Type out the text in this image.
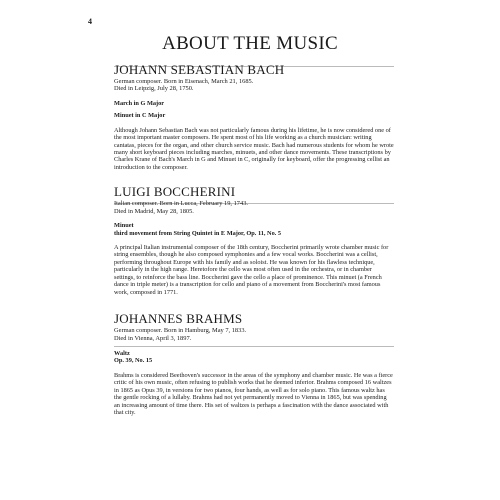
4
ABOUT THE MUSIC
JOHANN SEBASTIAN BACH

German composer. Born in Eisenach, March 21, 1685.

Died in Leipzig, July 28, 1750.

March in G Major

Minuet in C Major

Although Johann Sebastian Bach was not particularly famous during his lifetime, he is now considered one of the most important master composers. He spent most of his life working as a church musician: writing cantatas, pieces for the organ, and other church service music. Bach had numerous students for whom he wrote many short keyboard pieces including marches, minuets, and other dance movements. These transcriptions by Charles Krane of Bach's March in G and Minuet in C, originally for keyboard, offer the progressing cellist an introduction to the composer.

LUIGI BOCCHERINI

Italian composer. Born in Lucca, February 19, 1743.

Died in Madrid, May 28, 1805.

Minuet

third movement from String Quintet in E Major, Op. 11, No. 5

A principal Italian instrumental composer of the 18th century, Boccherini primarily wrote chamber music for string ensembles, though he also composed symphonies and a few vocal works. Boccherini was a cellist, performing throughout Europe with his family and as soloist. He was known for his flawless technique, particularly in the high range. Heretofore the cello was most often used in the orchestra, or in chamber settings, to reinforce the bass line. Boccherini gave the cello a place of prominence. This minuet (a French dance in triple meter) is a transcription for cello and piano of a movement from Boccherini's most famous work, composed in 1771.

JOHANNES BRAHMS

German composer. Born in Hamburg, May 7, 1833.

Died in Vienna, April 3, 1897.

Waltz

Op. 39, No. 15

Brahms is considered Beethoven's successor in the areas of the symphony and chamber music. He was a fierce critic of his own music, often refusing to publish works that he deemed inferior. Brahms composed 16 waltzes in 1865 as Opus 39, in versions for two pianos, four hands, as well as for solo piano. This famous waltz has the gentle rocking of a lullaby. Brahms had not yet permanently moved to Vienna in 1865, but was spending an increasing amount of time there. His set of waltzes is perhaps a fascination with the dance associated with that city.
